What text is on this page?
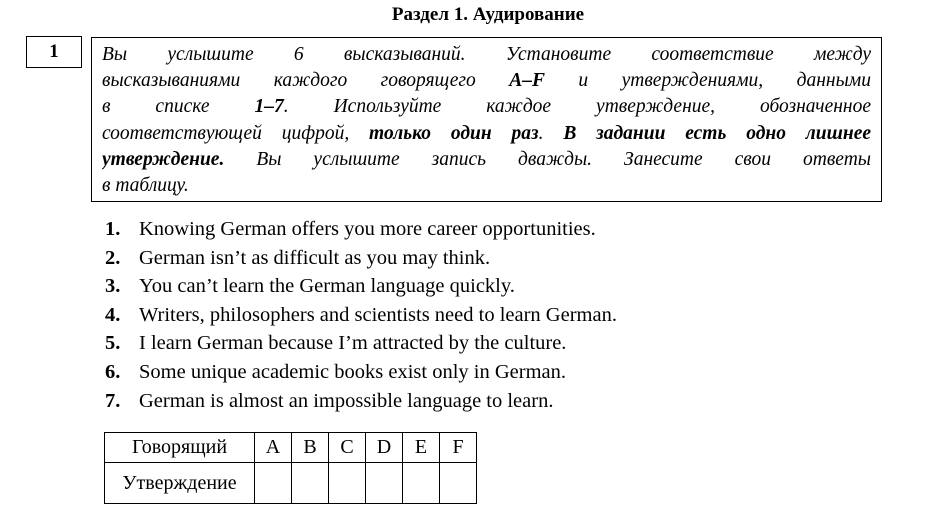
Раздел 1. Аудирование
1	Вы услышите 6 высказываний. Установите соответствие между
высказываниями каждого говорящего A–F и утверждениями, данными
в списке 1–7. Используйте каждое утверждение, обозначенное
соответствующей цифрой, только один раз. В задании есть одно лишнее
утверждение. Вы услышите запись дважды. Занесите свои ответы
в таблицу.
1. Knowing German offers you more career opportunities.
2. German isn’t as difficult as you may think.
3. You can’t learn the German language quickly.
4. Writers, philosophers and scientists need to learn German.
5. I learn German because I’m attracted by the culture.
6. Some unique academic books exist only in German.
7. German is almost an impossible language to learn.
Говорящий	A	B	C	D	E	F
Утверждение						
